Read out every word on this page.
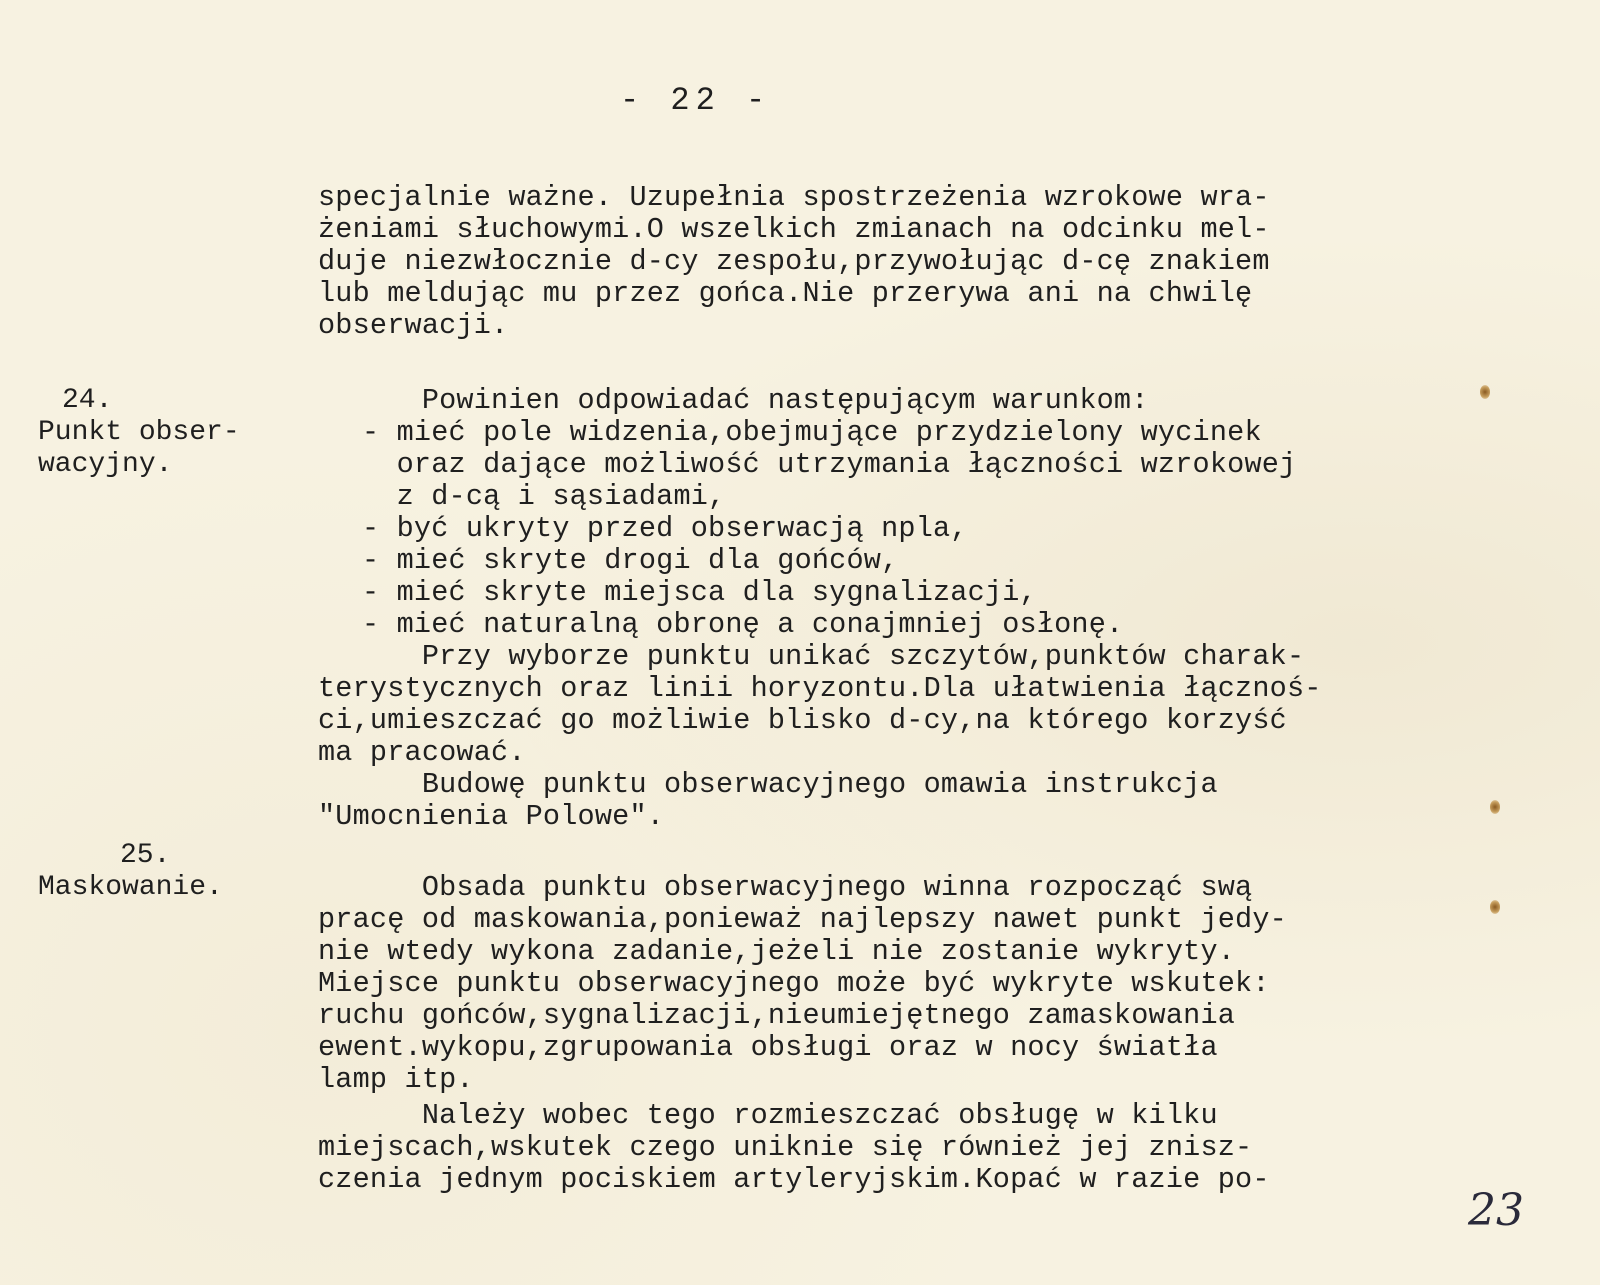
- 22 -
24.
Punkt obser-
wacyjny.
25.
Maskowanie.
specjalnie ważne. Uzupełnia spostrzeżenia wzrokowe wra-
żeniami słuchowymi.O wszelkich zmianach na odcinku mel-
duje niezwłocznie d-cy zespołu,przywołując d-cę znakiem
lub meldując mu przez gońca.Nie przerywa ani na chwilę
obserwacji.
Powinien odpowiadać następującym warunkom:
- mieć pole widzenia,obejmujące przydzielony wycinek
oraz dające możliwość utrzymania łączności wzrokowej
z d-cą i sąsiadami,
- być ukryty przed obserwacją npla,
- mieć skryte drogi dla gońców,
- mieć skryte miejsca dla sygnalizacji,
- mieć naturalną obronę a conajmniej osłonę.
Przy wyborze punktu unikać szczytów,punktów charak-
terystycznych oraz linii horyzontu.Dla ułatwienia łącznoś-
ci,umieszczać go możliwie blisko d-cy,na którego korzyść
ma pracować.
Budowę punktu obserwacyjnego omawia instrukcja
"Umocnienia Polowe".
Obsada punktu obserwacyjnego winna rozpocząć swą
pracę od maskowania,ponieważ najlepszy nawet punkt jedy-
nie wtedy wykona zadanie,jeżeli nie zostanie wykryty.
Miejsce punktu obserwacyjnego może być wykryte wskutek:
ruchu gońców,sygnalizacji,nieumiejętnego zamaskowania
ewent.wykopu,zgrupowania obsługi oraz w nocy światła
lamp itp.
Należy wobec tego rozmieszczać obsługę w kilku
miejscach,wskutek czego uniknie się również jej znisz-
czenia jednym pociskiem artyleryjskim.Kopać w razie po-
23
